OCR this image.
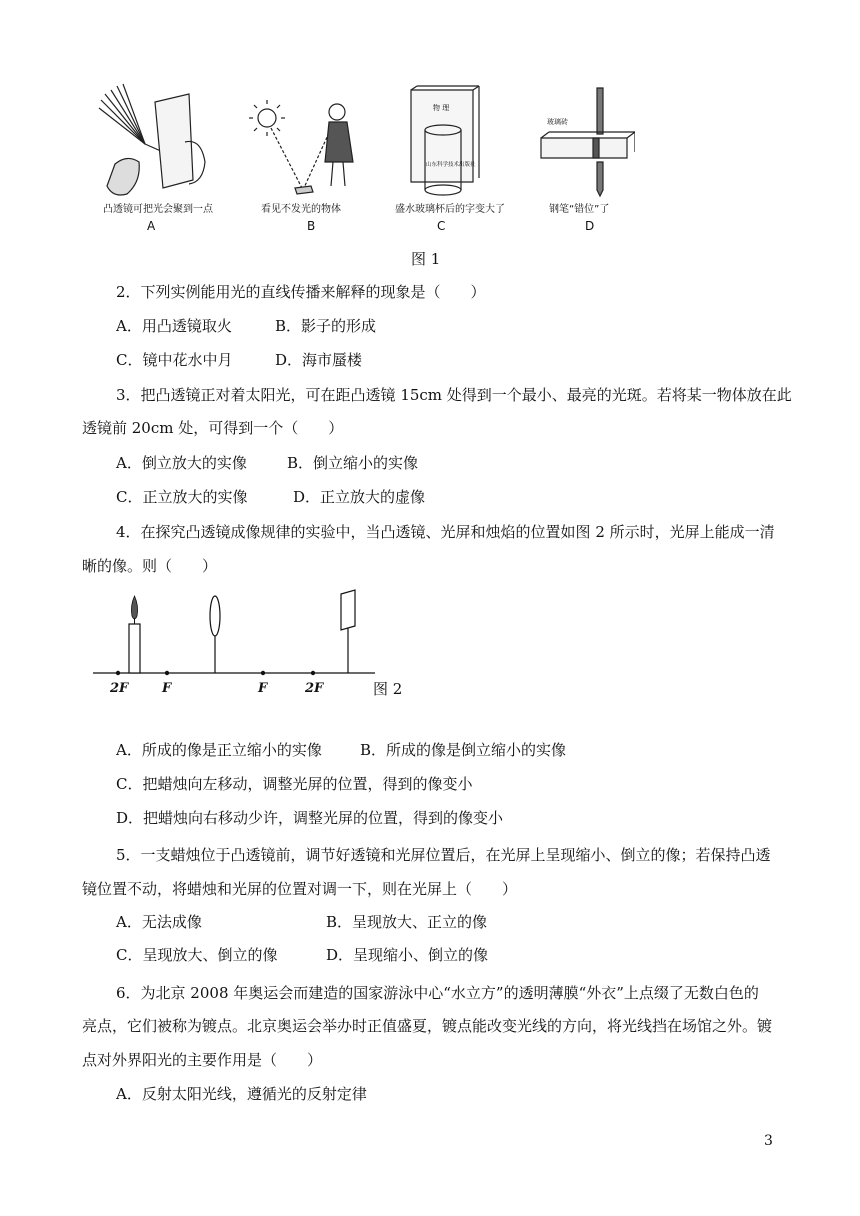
凸透镜可把光会聚到一点
A
看见不发光的物体
B
物 理
山东科学技术出版社
盛水玻璃杯后的字变大了
C
玻璃砖
钢笔“错位”了
D
图 1
2．下列实例能用光的直线传播来解释的现象是（　　）
A．用凸透镜取火	B．影子的形成
C．镜中花水中月	D．海市蜃楼
3．把凸透镜正对着太阳光，可在距凸透镜 15cm 处得到一个最小、最亮的光斑。若将某一物体放在此
透镜前 20cm 处，可得到一个（　　）
A．倒立放大的实像	B．倒立缩小的实像
C．正立放大的实像	D．正立放大的虚像
4．在探究凸透镜成像规律的实验中，当凸透镜、光屏和烛焰的位置如图 2 所示时，光屏上能成一清
晰的像。则（　　）
2F	F	F	2F	图 2
A．所成的像是正立缩小的实像	B．所成的像是倒立缩小的实像
C．把蜡烛向左移动，调整光屏的位置，得到的像变小
D．把蜡烛向右移动少许，调整光屏的位置，得到的像变小
5．一支蜡烛位于凸透镜前，调节好透镜和光屏位置后，在光屏上呈现缩小、倒立的像；若保持凸透
镜位置不动，将蜡烛和光屏的位置对调一下，则在光屏上（　　）
A．无法成像	B．呈现放大、正立的像
C．呈现放大、倒立的像	D．呈现缩小、倒立的像
6．为北京 2008 年奥运会而建造的国家游泳中心“水立方”的透明薄膜“外衣”上点缀了无数白色的
亮点，它们被称为镀点。北京奥运会举办时正值盛夏，镀点能改变光线的方向，将光线挡在场馆之外。镀
点对外界阳光的主要作用是（　　）
A．反射太阳光线，遵循光的反射定律
3
